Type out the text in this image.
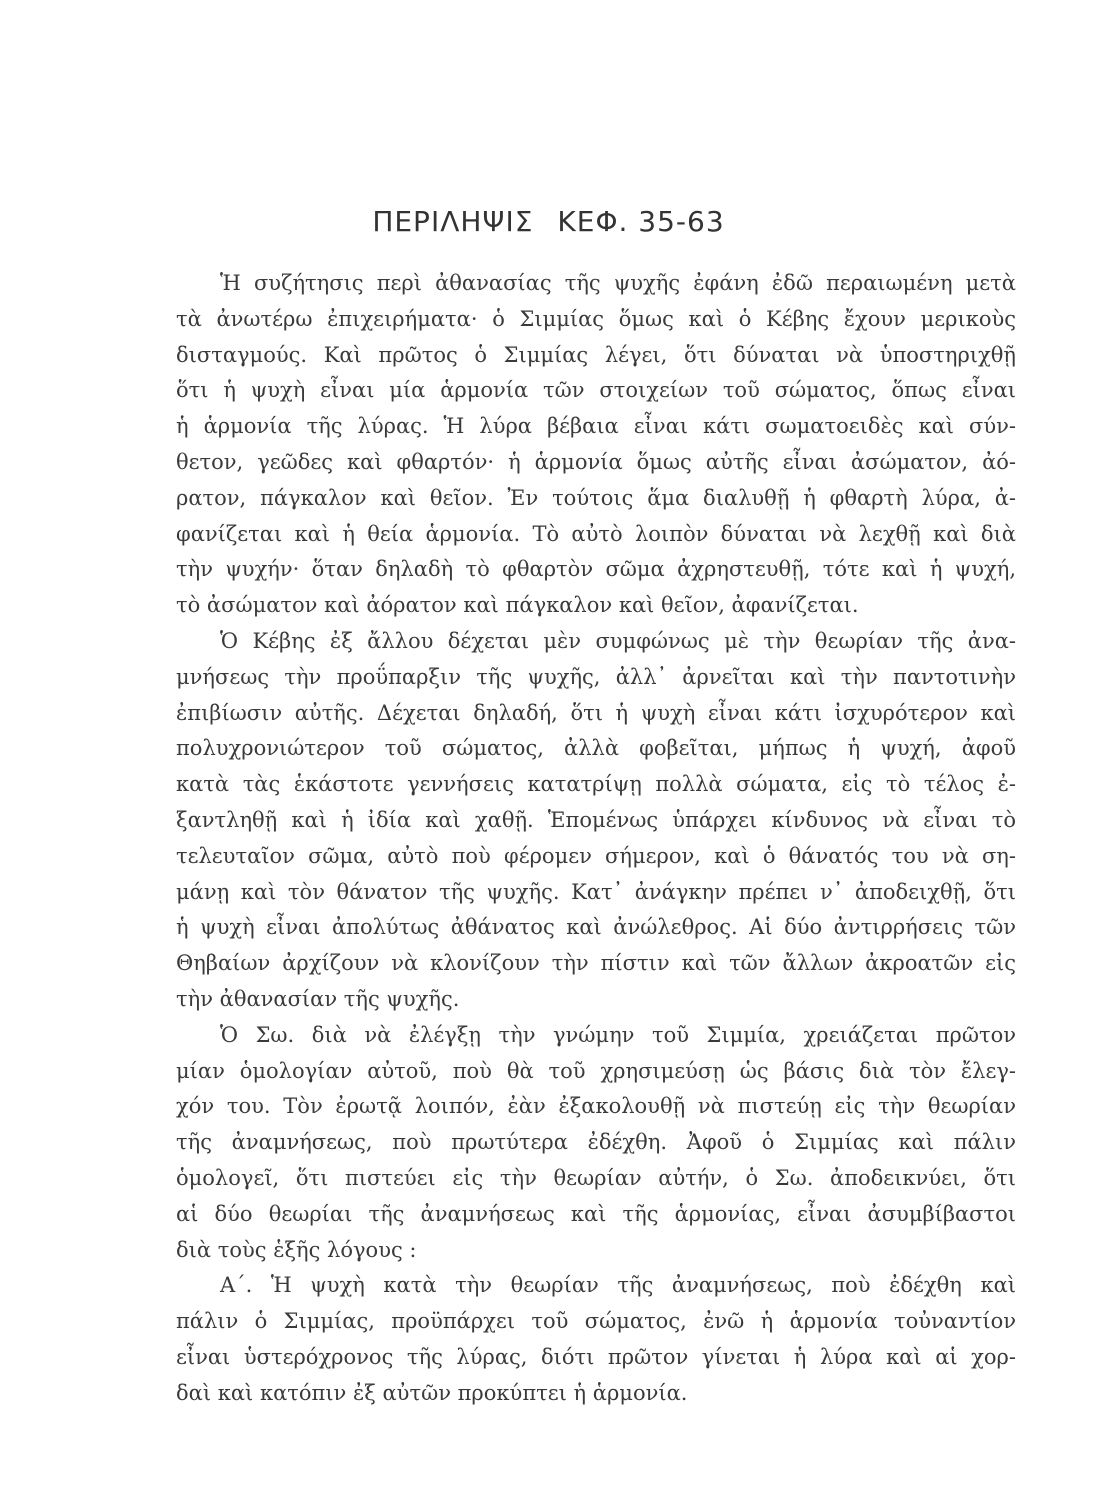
ΠΕΡΙΛΗΨΙΣ ΚΕΦ. 35-63
Ἡ συζήτησις περὶ ἀθανασίας τῆς ψυχῆς ἐφάνη ἐδῶ περαιωμένη μετὰ
τὰ ἀνωτέρω ἐπιχειρήματα· ὁ Σιμμίας ὅμως καὶ ὁ Κέβης ἔχουν μερικοὺς
δισταγμούς. Καὶ πρῶτος ὁ Σιμμίας λέγει, ὅτι δύναται νὰ ὑποστηριχθῇ
ὅτι ἡ ψυχὴ εἶναι μία ἁρμονία τῶν στοιχείων τοῦ σώματος, ὅπως εἶναι
ἡ ἁρμονία τῆς λύρας. Ἡ λύρα βέβαια εἶναι κάτι σωματοειδὲς καὶ σύν-
θετον, γεῶδες καὶ φθαρτόν· ἡ ἁρμονία ὅμως αὐτῆς εἶναι ἀσώματον, ἀό-
ρατον, πάγκαλον καὶ θεῖον. Ἐν τούτοις ἅμα διαλυθῇ ἡ φθαρτὴ λύρα, ἀ-
φανίζεται καὶ ἡ θεία ἁρμονία. Τὸ αὐτὸ λοιπὸν δύναται νὰ λεχθῇ καὶ διὰ
τὴν ψυχήν· ὅταν δηλαδὴ τὸ φθαρτὸν σῶμα ἀχρηστευθῇ, τότε καὶ ἡ ψυχή,
τὸ ἀσώματον καὶ ἀόρατον καὶ πάγκαλον καὶ θεῖον, ἀφανίζεται.
Ὁ Κέβης ἐξ ἄλλου δέχεται μὲν συμφώνως μὲ τὴν θεωρίαν τῆς ἀνα-
μνήσεως τὴν προΰπαρξιν τῆς ψυχῆς, ἀλλ᾽ ἀρνεῖται καὶ τὴν παντοτινὴν
ἐπιβίωσιν αὐτῆς. Δέχεται δηλαδή, ὅτι ἡ ψυχὴ εἶναι κάτι ἰσχυρότερον καὶ
πολυχρονιώτερον τοῦ σώματος, ἀλλὰ φοβεῖται, μήπως ἡ ψυχή, ἀφοῦ
κατὰ τὰς ἑκάστοτε γεννήσεις κατατρίψῃ πολλὰ σώματα, εἰς τὸ τέλος ἐ-
ξαντληθῇ καὶ ἡ ἰδία καὶ χαθῇ. Ἑπομένως ὑπάρχει κίνδυνος νὰ εἶναι τὸ
τελευταῖον σῶμα, αὐτὸ ποὺ φέρομεν σήμερον, καὶ ὁ θάνατός του νὰ ση-
μάνῃ καὶ τὸν θάνατον τῆς ψυχῆς. Κατ᾽ ἀνάγκην πρέπει ν᾽ ἀποδειχθῇ, ὅτι
ἡ ψυχὴ εἶναι ἀπολύτως ἀθάνατος καὶ ἀνώλεθρος. Αἱ δύο ἀντιρρήσεις τῶν
Θηβαίων ἀρχίζουν νὰ κλονίζουν τὴν πίστιν καὶ τῶν ἄλλων ἀκροατῶν εἰς
τὴν ἀθανασίαν τῆς ψυχῆς.
Ὁ Σω. διὰ νὰ ἐλέγξῃ τὴν γνώμην τοῦ Σιμμία, χρειάζεται πρῶτον
μίαν ὁμολογίαν αὐτοῦ, ποὺ θὰ τοῦ χρησιμεύσῃ ὡς βάσις διὰ τὸν ἔλεγ-
χόν του. Τὸν ἐρωτᾷ λοιπόν, ἐὰν ἐξακολουθῇ νὰ πιστεύῃ εἰς τὴν θεωρίαν
τῆς ἀναμνήσεως, ποὺ πρωτύτερα ἐδέχθη. Ἀφοῦ ὁ Σιμμίας καὶ πάλιν
ὁμολογεῖ, ὅτι πιστεύει εἰς τὴν θεωρίαν αὐτήν, ὁ Σω. ἀποδεικνύει, ὅτι
αἱ δύο θεωρίαι τῆς ἀναμνήσεως καὶ τῆς ἁρμονίας, εἶναι ἀσυμβίβαστοι
διὰ τοὺς ἑξῆς λόγους :
Α΄. Ἡ ψυχὴ κατὰ τὴν θεωρίαν τῆς ἀναμνήσεως, ποὺ ἐδέχθη καὶ
πάλιν ὁ Σιμμίας, προϋπάρχει τοῦ σώματος, ἐνῶ ἡ ἁρμονία τοὐναντίον
εἶναι ὑστερόχρονος τῆς λύρας, διότι πρῶτον γίνεται ἡ λύρα καὶ αἱ χορ-
δαὶ καὶ κατόπιν ἐξ αὐτῶν προκύπτει ἡ ἁρμονία.
